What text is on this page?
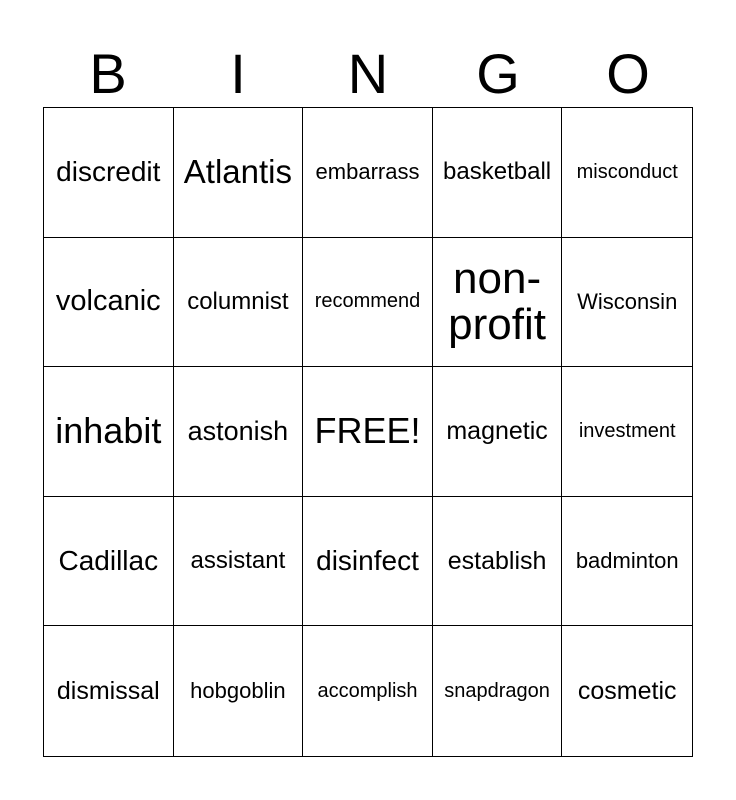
B	I	N	G	O
discredit Atlantis embarrass basketball misconduct
volcanic columnist recommend non-profit	Wisconsin
inhabit astonish FREE! magnetic investment
Cadillac assistant disinfect establish badminton
dismissal hobgoblin accomplish snapdragon cosmetic
